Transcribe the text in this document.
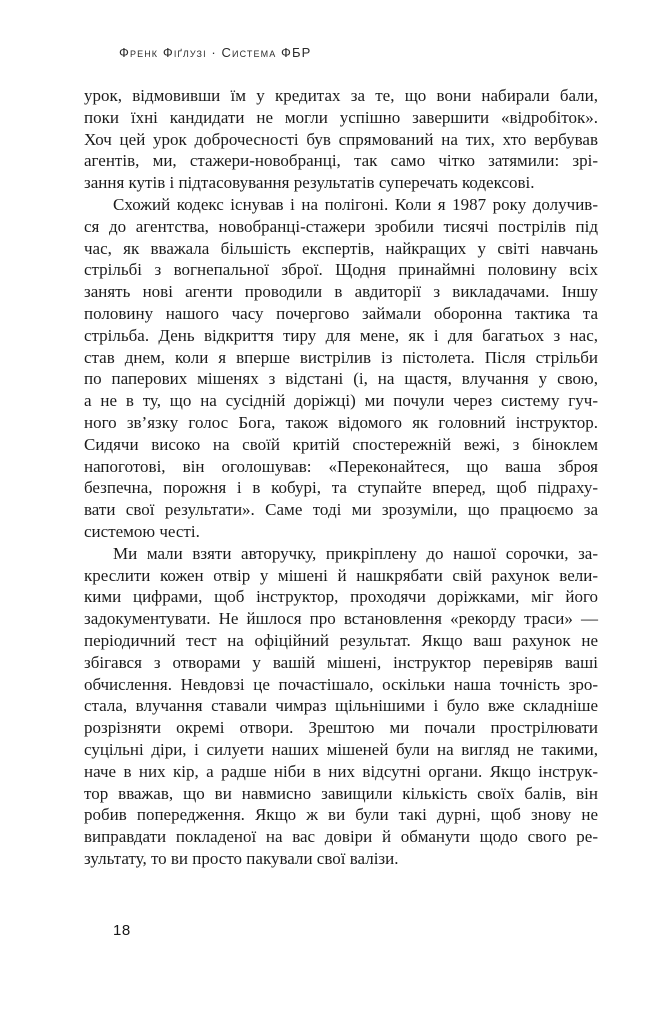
Френк Фіґлузі · Система ФБР
урок, відмовивши їм у кредитах за те, що вони набирали бали,
поки їхні кандидати не могли успішно завершити «відробіток».
Хоч цей урок доброчесності був спрямований на тих, хто вербував
агентів, ми, стажери-новобранці, так само чітко затямили: зрі-
зання кутів і підтасовування результатів суперечать кодексові.
Схожий кодекс існував і на полігоні. Коли я 1987 року долучив-
ся до агентства, новобранці-стажери зробили тисячі пострілів під
час, як вважала більшість експертів, найкращих у світі навчань
стрільбі з вогнепальної зброї. Щодня принаймні половину всіх
занять нові агенти проводили в авдиторії з викладачами. Іншу
половину нашого часу почергово займали оборонна тактика та
стрільба. День відкриття тиру для мене, як і для багатьох з нас,
став днем, коли я вперше вистрілив із пістолета. Після стрільби
по паперових мішенях з відстані (і, на щастя, влучання у свою,
а не в ту, що на сусідній доріжці) ми почули через систему гуч-
ного зв’язку голос Бога, також відомого як головний інструктор.
Сидячи високо на своїй критій спостережній вежі, з біноклем
напоготові, він оголошував: «Переконайтеся, що ваша зброя
безпечна, порожня і в кобурі, та ступайте вперед, щоб підраху-
вати свої результати». Саме тоді ми зрозуміли, що працюємо за
системою честі.
Ми мали взяти авторучку, прикріплену до нашої сорочки, за-
креслити кожен отвір у мішені й нашкрябати свій рахунок вели-
кими цифрами, щоб інструктор, проходячи доріжками, міг його
задокументувати. Не йшлося про встановлення «рекорду траси» —
періодичний тест на офіційний результат. Якщо ваш рахунок не
збігався з отворами у вашій мішені, інструктор перевіряв ваші
обчислення. Невдовзі це почастішало, оскільки наша точність зро-
стала, влучання ставали чимраз щільнішими і було вже складніше
розрізняти окремі отвори. Зрештою ми почали прострілювати
суцільні діри, і силуети наших мішеней були на вигляд не такими,
наче в них кір, а радше ніби в них відсутні органи. Якщо інструк-
тор вважав, що ви навмисно завищили кількість своїх балів, він
робив попередження. Якщо ж ви були такі дурні, щоб знову не
виправдати покладеної на вас довіри й обманути щодо свого ре-
зультату, то ви просто пакували свої валізи.
18
